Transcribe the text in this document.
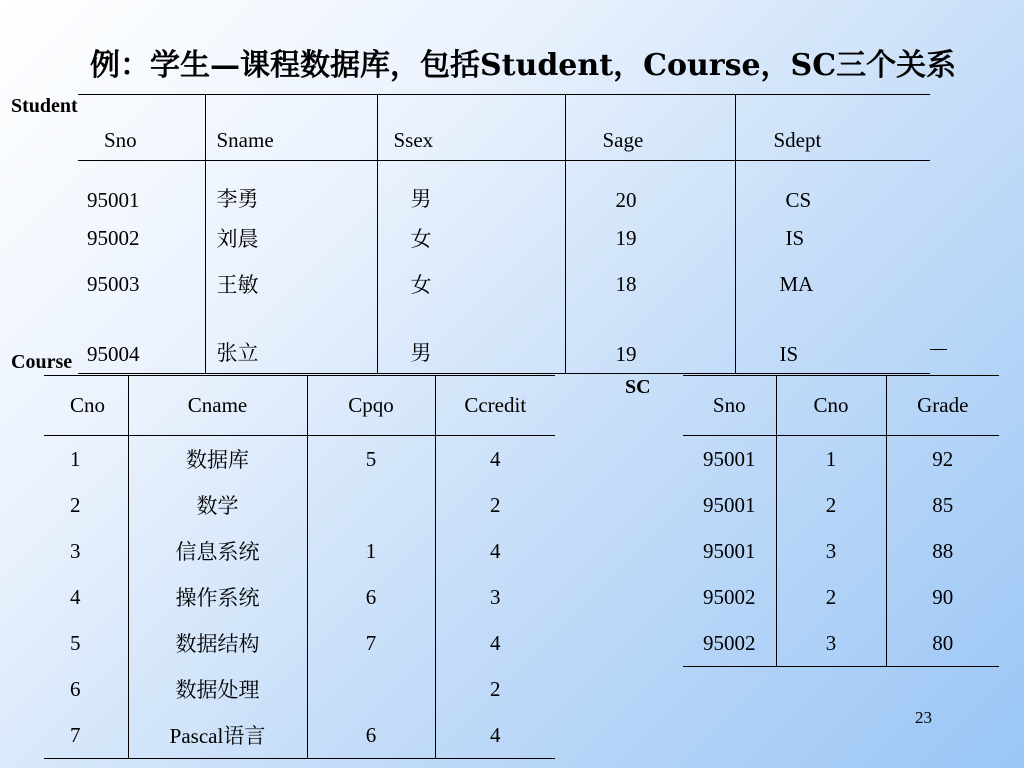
例：学生—课程数据库，包括Student，Course，SC三个关系
Student
Sno	Sname	Ssex	Sage	Sdept
95001	李勇	男	20	CS
95002	刘晨	女	19	IS
95003	王敏	女	18	MA
95004	张立	男	19	IS
Course
Cno	Cname	Cpqo	Ccredit
1	数据库	5	4
2	数学		2
3	信息系统	1	4
4	操作系统	6	3
5	数据结构	7	4
6	数据处理		2
7	Pascal语言	6	4
SC
Sno	Cno	Grade
95001	1	92
95001	2	85
95001	3	88
95002	2	90
95002	3	80
23
